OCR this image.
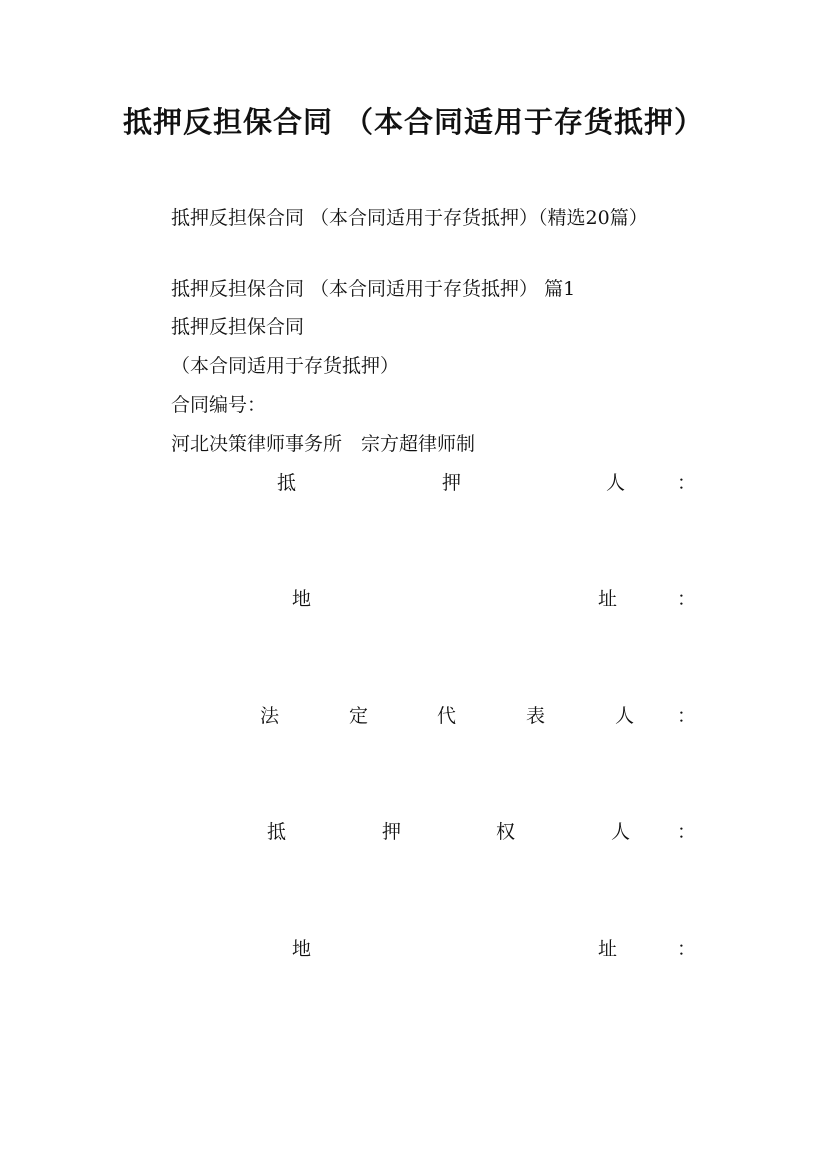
抵押反担保合同 （本合同适用于存货抵押）
抵押反担保合同 （本合同适用于存货抵押）（精选20篇）
抵押反担保合同 （本合同适用于存货抵押） 篇1
抵押反担保合同
（本合同适用于存货抵押）
合同编号：
河北决策律师事务所　宗方超律师制
抵	押	人	：
地	址	：
法	定	代	表	人 ：
抵	押	权	人 ：
地	址	：
